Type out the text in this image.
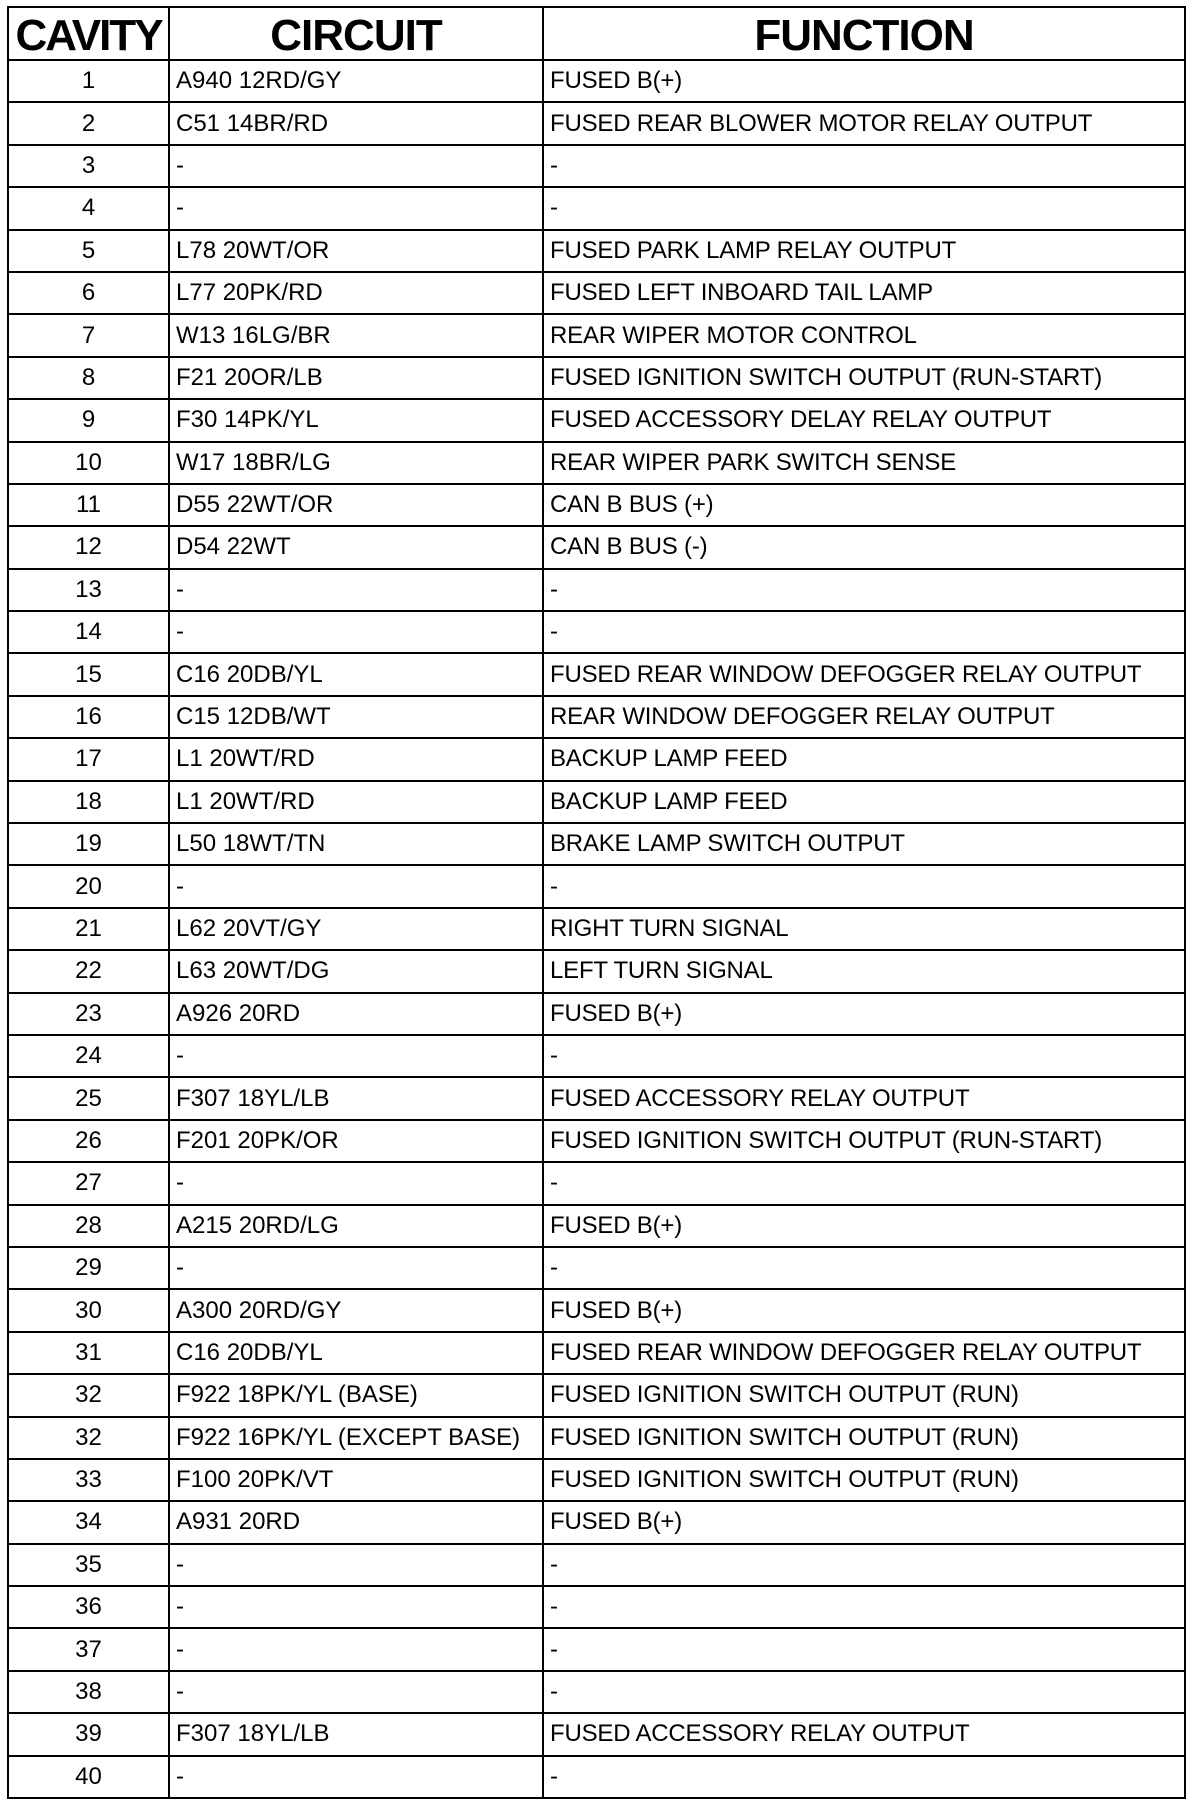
CAVITY	CIRCUIT	FUNCTION
1	A940 12RD/GY	FUSED B(+)
2	C51 14BR/RD	FUSED REAR BLOWER MOTOR RELAY OUTPUT
3	-	-
4	-	-
5	L78 20WT/OR	FUSED PARK LAMP RELAY OUTPUT
6	L77 20PK/RD	FUSED LEFT INBOARD TAIL LAMP
7	W13 16LG/BR	REAR WIPER MOTOR CONTROL
8	F21 20OR/LB	FUSED IGNITION SWITCH OUTPUT (RUN-START)
9	F30 14PK/YL	FUSED ACCESSORY DELAY RELAY OUTPUT
10	W17 18BR/LG	REAR WIPER PARK SWITCH SENSE
11	D55 22WT/OR	CAN B BUS (+)
12	D54 22WT	CAN B BUS (-)
13	-	-
14	-	-
15	C16 20DB/YL	FUSED REAR WINDOW DEFOGGER RELAY OUTPUT
16	C15 12DB/WT	REAR WINDOW DEFOGGER RELAY OUTPUT
17	L1 20WT/RD	BACKUP LAMP FEED
18	L1 20WT/RD	BACKUP LAMP FEED
19	L50 18WT/TN	BRAKE LAMP SWITCH OUTPUT
20	-	-
21	L62 20VT/GY	RIGHT TURN SIGNAL
22	L63 20WT/DG	LEFT TURN SIGNAL
23	A926 20RD	FUSED B(+)
24	-	-
25	F307 18YL/LB	FUSED ACCESSORY RELAY OUTPUT
26	F201 20PK/OR	FUSED IGNITION SWITCH OUTPUT (RUN-START)
27	-	-
28	A215 20RD/LG	FUSED B(+)
29	-	-
30	A300 20RD/GY	FUSED B(+)
31	C16 20DB/YL	FUSED REAR WINDOW DEFOGGER RELAY OUTPUT
32	F922 18PK/YL (BASE)	FUSED IGNITION SWITCH OUTPUT (RUN)
32	F922 16PK/YL (EXCEPT BASE)	FUSED IGNITION SWITCH OUTPUT (RUN)
33	F100 20PK/VT	FUSED IGNITION SWITCH OUTPUT (RUN)
34	A931 20RD	FUSED B(+)
35	-	-
36	-	-
37	-	-
38	-	-
39	F307 18YL/LB	FUSED ACCESSORY RELAY OUTPUT
40	-	-
